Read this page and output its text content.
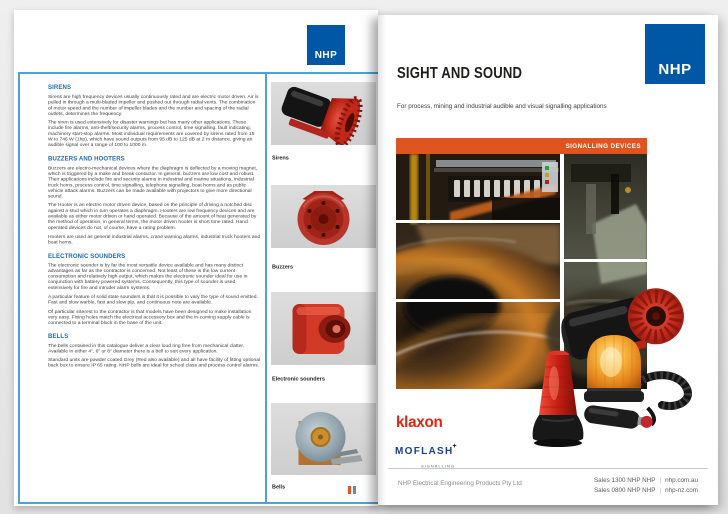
NHP
SIRENS

Sirens are high frequency devices usually continuously rated and are electric motor driven. Air is pulled in through a multi-bladed impeller and pushed out through radial vents. The combination of motor speed and the number of impeller blades and the number and spacing of the radial outlets, determines the frequency.

The siren is used extensively for disaster warnings but has many other applications. These include fire alarms, anti-theft/security alarms, process control, time signalling, fault indicating, machinery start-stop alarms. Most individual requirements are covered by sirens rated from 15 W to 746 W (1hp), which have sound outputs from 95 dB to 125 dB at 2 m distance, giving an audible signal over a range of 100 to 1000 m.

BUZZERS AND HOOTERS

Buzzers are electro-mechanical devices where the diaphragm is deflected by a moving magnet, which is triggered by a make and break contactor. In general, buzzers are low cost and robust. Their applications include fire and security alarms in industrial and marine situations, industrial truck horns, process control, time signalling, telephone signalling, boat horns and as public vehicle attack alarms. Buzzers can be made available with projectors to give more directional sound.

The Hooter is an electric motor driven device, based on the principle of driving a notched disc against a stud which in turn operates a diaphragm. Hooters are low frequency devices and are available as either motor driven or hand operated. Because of the amount of heat generated by the method of operation, in general terms, the motor driven hooter is short time rated. Hand operated devices do not, of course, have a rating problem.

Hooters are used as general industrial alarms, crane warning alarms, industrial truck hooters and boat horns.

ELECTRONIC SOUNDERS

The electronic sounder is by far the most versatile device available and has many distinct advantages as far as the contractor is concerned. Not least of these is the low current consumption and relatively high output, which makes the electronic sounder ideal for use in conjunction with battery powered systems. Consequently, this type of sounder is used extensively for fire and intruder alarm systems.

A particular feature of solid state sounders is that it is possible to vary the type of sound emitted. Fast and slow warble, fast and slow pip, and continuous note are available.

Of particular interest to the contractor is that models have been designed to make installation very easy. Fixing holes match the electrical accessory box and the in-coming supply cable is connected to a terminal block in the base of the unit.

BELLS

The bells contained in this catalogue deliver a clear loud ring free from mechanical clatter. Available in either 4", 6" or 8" diameter there is a bell to suit every application.

Standard units are powder coated Grey (Red also available) and all have facility of fitting optional back box to ensure IP 65 rating. NHP bells are ideal for school class and process control alarms.

Sirens
Buzzers
Electronic sounders
Bells
NHP
SIGHT AND SOUND
For process, mining and industrial audible and visual signalling applications
SIGNALLING DEVICES
klaxon
MOFLASH+
SIGNALLING
NHP Electrical Engineering Products Pty Ltd	Sales 1300 NHP NHP | nhp.com.au
Sales 0800 NHP NHP | nhp-nz.com
